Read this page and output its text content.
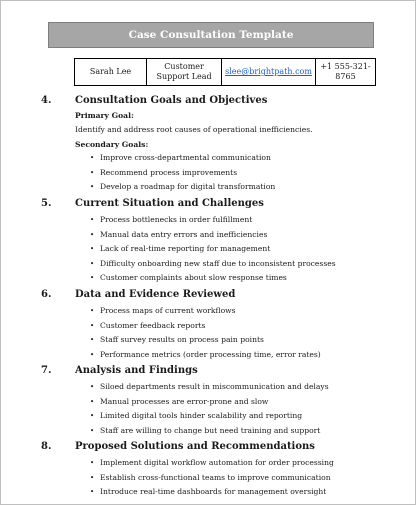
Case Consultation Template
Sarah Lee	Customer Support Lead	slee@brightpath.com	+1 555-321-8765
4.	Consultation Goals and Objectives
Primary Goal:
Identify and address root causes of operational inefficiencies.
Secondary Goals:
• Improve cross-departmental communication
• Recommend process improvements
• Develop a roadmap for digital transformation
5.	Current Situation and Challenges
• Process bottlenecks in order fulfillment
• Manual data entry errors and inefficiencies
• Lack of real-time reporting for management
• Difficulty onboarding new staff due to inconsistent processes
• Customer complaints about slow response times
6.	Data and Evidence Reviewed
• Process maps of current workflows
• Customer feedback reports
• Staff survey results on process pain points
• Performance metrics (order processing time, error rates)
7.	Analysis and Findings
• Siloed departments result in miscommunication and delays
• Manual processes are error-prone and slow
• Limited digital tools hinder scalability and reporting
• Staff are willing to change but need training and support
8.	Proposed Solutions and Recommendations
• Implement digital workflow automation for order processing
• Establish cross-functional teams to improve communication
• Introduce real-time dashboards for management oversight
